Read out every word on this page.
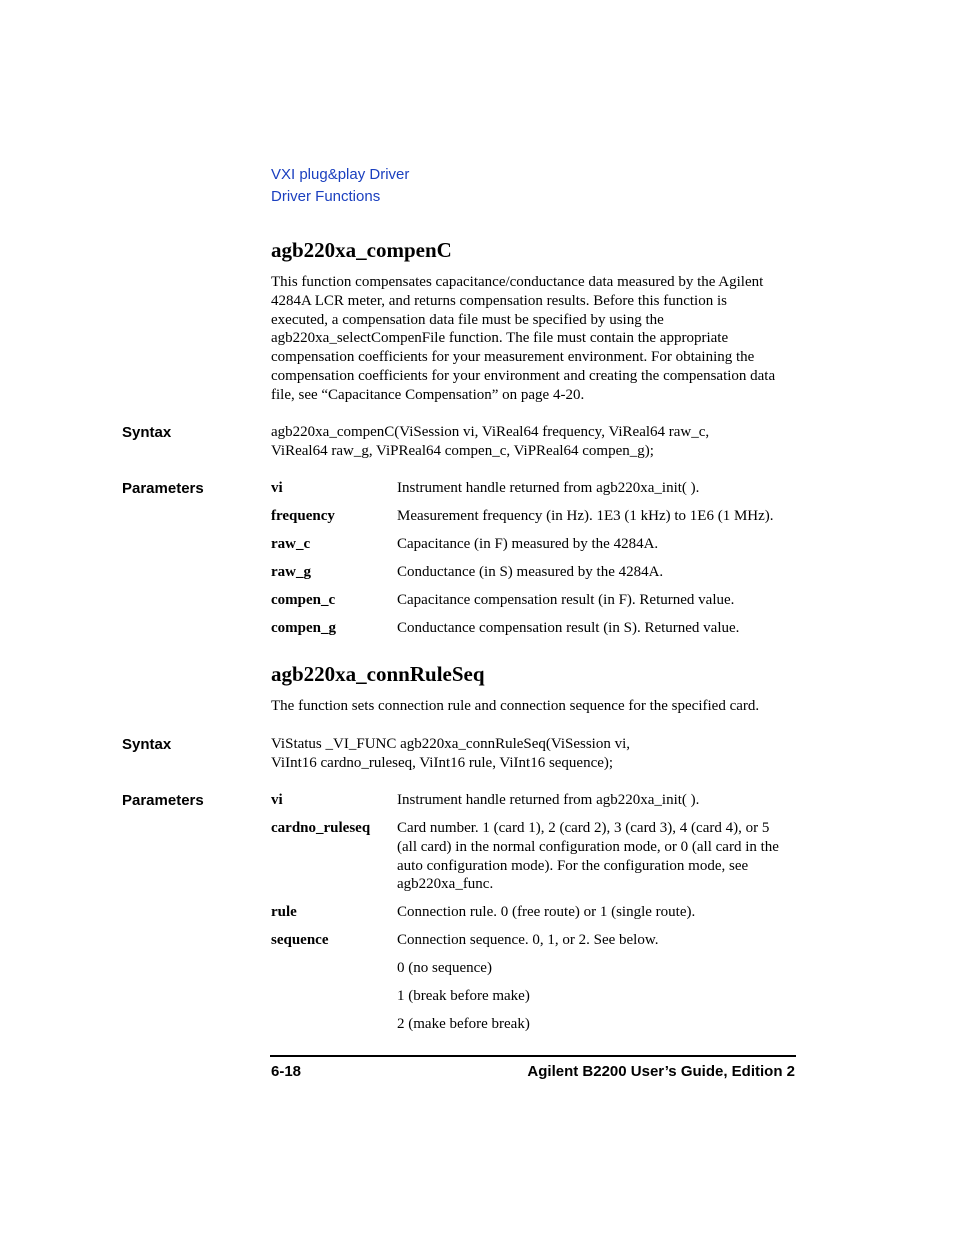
VXI plug&play Driver
Driver Functions
agb220xa_compenC
This function compensates capacitance/conductance data measured by the Agilent
4284A LCR meter, and returns compensation results. Before this function is
executed, a compensation data file must be specified by using the
agb220xa_selectCompenFile function. The file must contain the appropriate
compensation coefficients for your measurement environment. For obtaining the
compensation coefficients for your environment and creating the compensation data
file, see “Capacitance Compensation” on page 4-20.
Syntax	agb220xa_compenC(ViSession vi, ViReal64 frequency, ViReal64 raw_c,
ViReal64 raw_g, ViPReal64 compen_c, ViPReal64 compen_g);
Parameters	vi	Instrument handle returned from agb220xa_init( ).
frequency	Measurement frequency (in Hz). 1E3 (1 kHz) to 1E6 (1 MHz).
raw_c	Capacitance (in F) measured by the 4284A.
raw_g	Conductance (in S) measured by the 4284A.
compen_c	Capacitance compensation result (in F). Returned value.
compen_g	Conductance compensation result (in S). Returned value.
agb220xa_connRuleSeq
The function sets connection rule and connection sequence for the specified card.
Syntax	ViStatus _VI_FUNC agb220xa_connRuleSeq(ViSession vi,
ViInt16 cardno_ruleseq, ViInt16 rule, ViInt16 sequence);
Parameters	vi	Instrument handle returned from agb220xa_init( ).
cardno_ruleseq Card number. 1 (card 1), 2 (card 2), 3 (card 3), 4 (card 4), or 5
(all card) in the normal configuration mode, or 0 (all card in the
auto configuration mode). For the configuration mode, see
agb220xa_func.
rule	Connection rule. 0 (free route) or 1 (single route).
sequence	Connection sequence. 0, 1, or 2. See below.
0 (no sequence)
1 (break before make)
2 (make before break)
6-18	Agilent B2200 User’s Guide, Edition 2
